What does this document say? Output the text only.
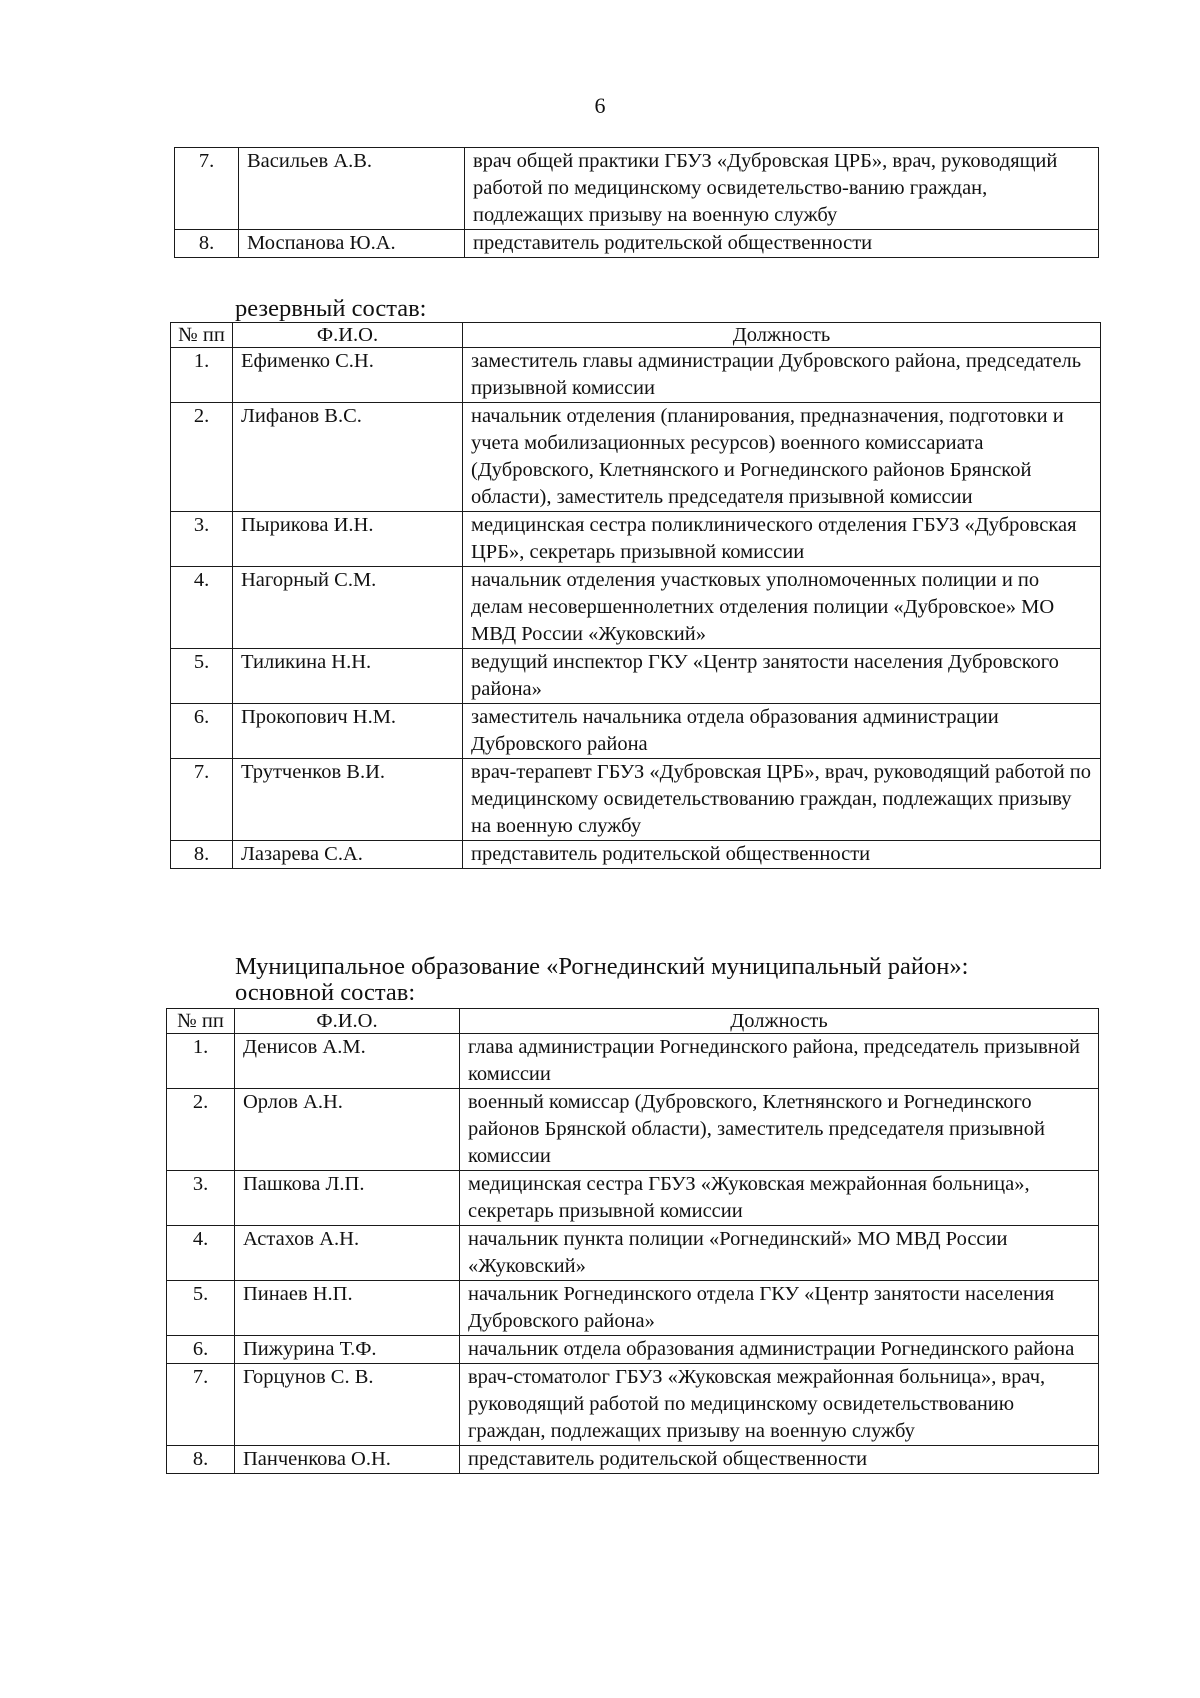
6
7.	Васильев А.В.	врач общей практики ГБУЗ «Дубровская ЦРБ», врач, руководящий работой по медицинскому освидетельство-ванию граждан, подлежащих призыву на военную службу
8.	Моспанова Ю.А.	представитель родительской общественности
резервный состав:
№ пп	Ф.И.О.	Должность
1.	Ефименко С.Н.	заместитель главы администрации Дубровского района, председатель призывной комиссии
2.	Лифанов В.С.	начальник отделения (планирования, предназначения, подготовки и учета мобилизационных ресурсов) военного комиссариата (Дубровского, Клетнянского и Рогнединского районов Брянской области), заместитель председателя призывной комиссии
3.	Пырикова И.Н.	медицинская сестра поликлинического отделения ГБУЗ «Дубровская ЦРБ», секретарь призывной комиссии
4.	Нагорный С.М.	начальник отделения участковых уполномоченных полиции и по делам несовершеннолетних отделения полиции «Дубровское» МО МВД России «Жуковский»
5.	Тиликина Н.Н.	ведущий инспектор ГКУ «Центр занятости населения Дубровского района»
6.	Прокопович Н.М.	заместитель начальника отдела образования администрации Дубровского района
7.	Трутченков В.И.	врач-терапевт ГБУЗ «Дубровская ЦРБ», врач, руководящий работой по медицинскому освидетельствованию граждан, подлежащих призыву на военную службу
8.	Лазарева С.А.	представитель родительской общественности
Муниципальное образование «Рогнединский муниципальный район»:
основной состав:
№ пп	Ф.И.О.	Должность
1.	Денисов А.М.	глава администрации Рогнединского района, председатель призывной комиссии
2.	Орлов А.Н.	военный комиссар (Дубровского, Клетнянского и Рогнединского районов Брянской области), заместитель председателя призывной комиссии
3.	Пашкова Л.П.	медицинская сестра ГБУЗ «Жуковская межрайонная больница», секретарь призывной комиссии
4.	Астахов А.Н.	начальник пункта полиции «Рогнединский» МО МВД России «Жуковский»
5.	Пинаев Н.П.	начальник Рогнединского отдела ГКУ «Центр занятости населения Дубровского района»
6.	Пижурина Т.Ф.	начальник отдела образования администрации Рогнединского района
7.	Горцунов С. В.	врач-стоматолог ГБУЗ «Жуковская межрайонная больница», врач, руководящий работой по медицинскому освидетельствованию граждан, подлежащих призыву на военную службу
8.	Панченкова О.Н.	представитель родительской общественности
